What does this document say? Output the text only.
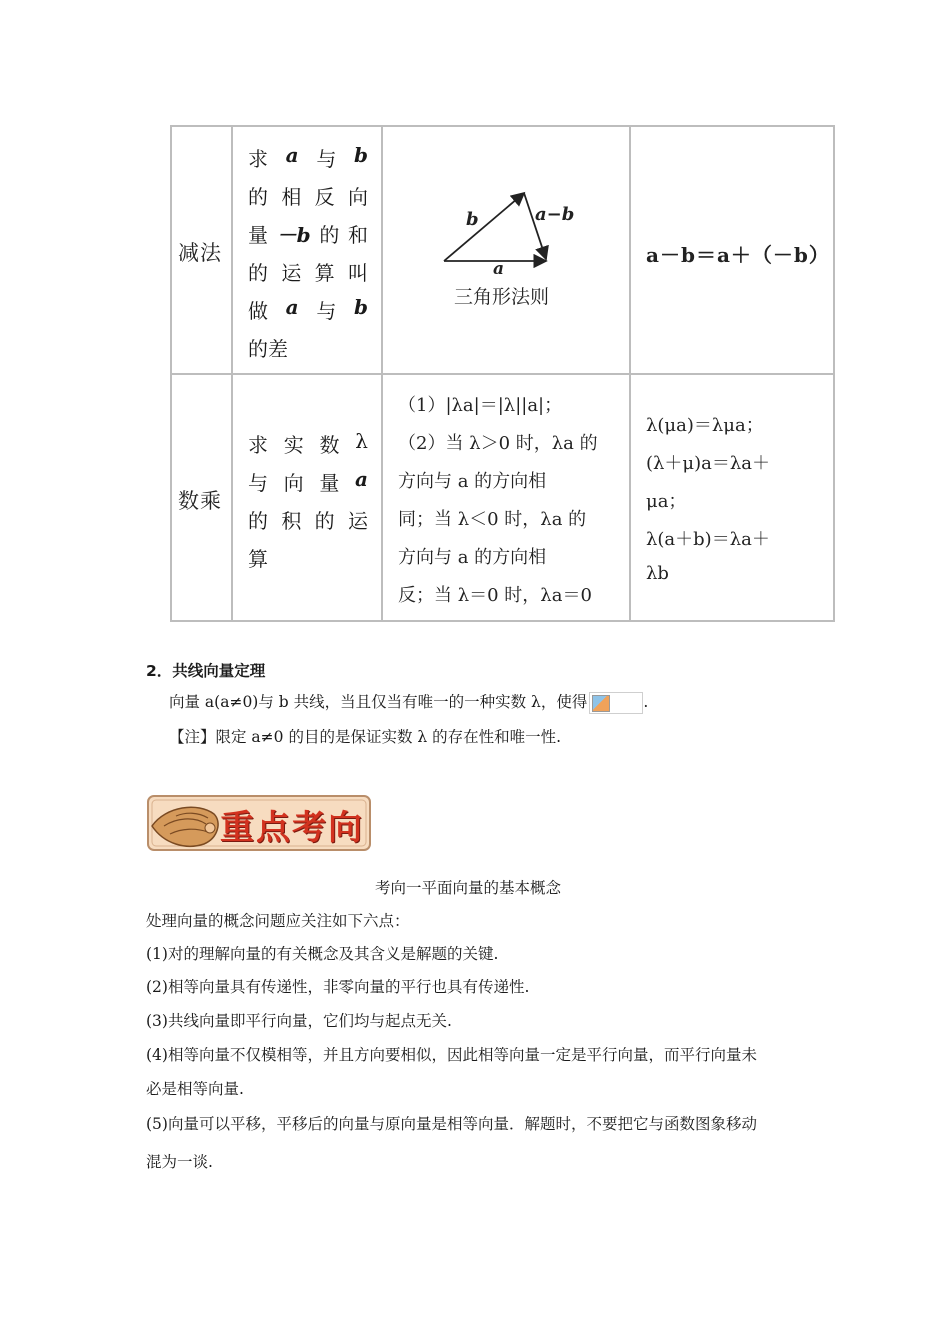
减法
求 a 与 b
的 相 反 向
量 －b 的 和
的 运 算 叫
做 a 与 b
的差
b	a−b
a
三角形法则
a－b＝a＋（－b）
数乘
求 实 数 λ
与 向 量 a
的 积 的 运
算
（1）|λa|＝|λ||a|；
（2）当 λ＞0 时，λa 的
方向与 a 的方向相
同；当 λ＜0 时，λa 的
方向与 a 的方向相
反；当 λ＝0 时，λa＝0
λ(μa)＝λμa；
(λ＋μ)a＝λa＋
μa；
λ(a＋b)＝λa＋
λb
2．共线向量定理
向量 a(a≠0)与 b 共线，当且仅当有唯一的一种实数 λ，使得	.
【注】限定 a≠0 的目的是保证实数 λ 的存在性和唯一性.
重点考向
考向一平面向量的基本概念
处理向量的概念问题应关注如下六点：
(1)对的理解向量的有关概念及其含义是解题的关键.
(2)相等向量具有传递性，非零向量的平行也具有传递性.
(3)共线向量即平行向量，它们均与起点无关.
(4)相等向量不仅模相等，并且方向要相似，因此相等向量一定是平行向量，而平行向量未
必是相等向量.
(5)向量可以平移，平移后的向量与原向量是相等向量．解题时，不要把它与函数图象移动
混为一谈.
